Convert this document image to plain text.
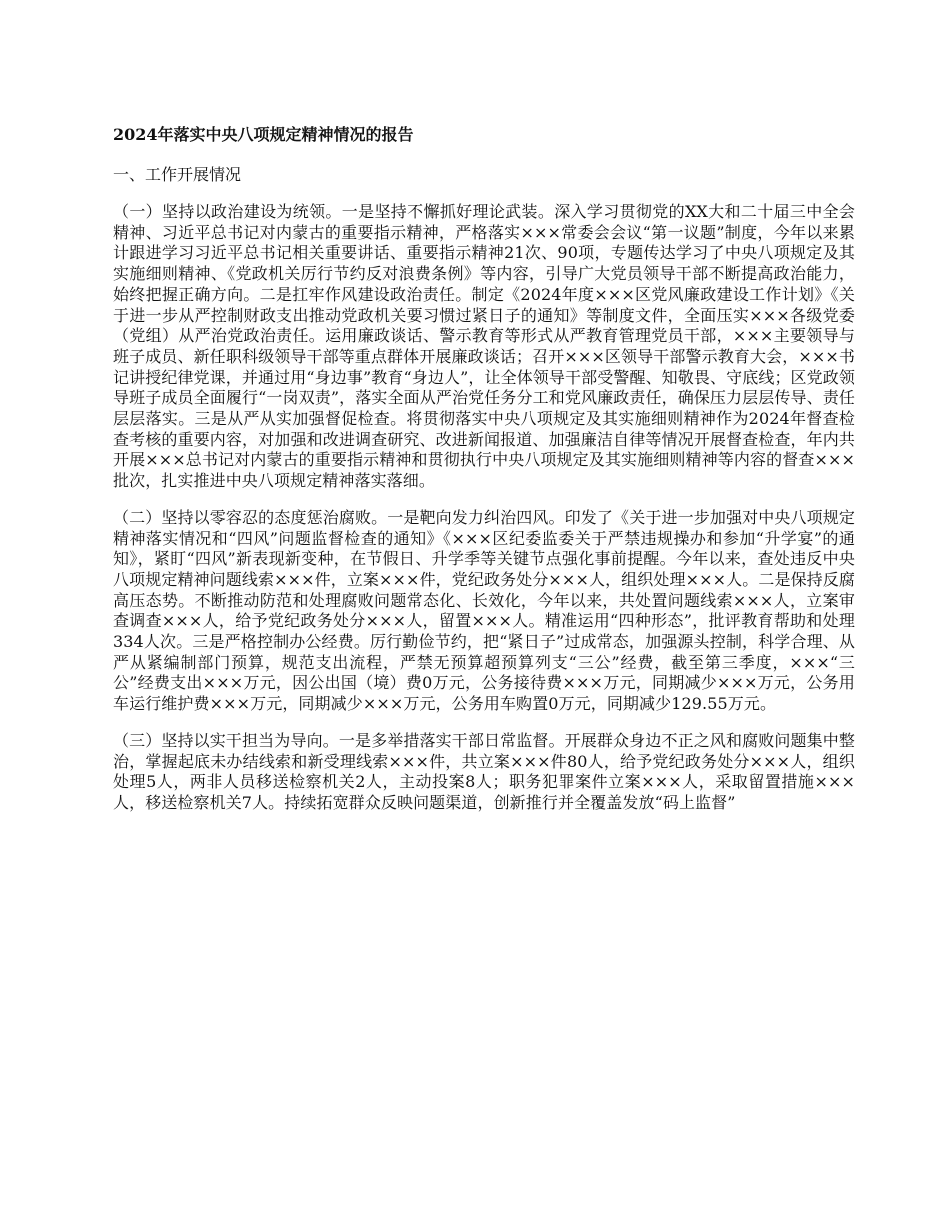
2024年落实中央八项规定精神情况的报告
一、工作开展情况

（一）坚持以政治建设为统领。一是坚持不懈抓好理论武装。深入学习贯彻党的XX大和二十届三中全会精神、习近平总书记对内蒙古的重要指示精神，严格落实×××常委会会议“第一议题”制度，今年以来累计跟进学习习近平总书记相关重要讲话、重要指示精神21次、90项，专题传达学习了中央八项规定及其实施细则精神、《党政机关厉行节约反对浪费条例》等内容，引导广大党员领导干部不断提高政治能力，始终把握正确方向。二是扛牢作风建设政治责任。制定《2024年度×××区党风廉政建设工作计划》《关于进一步从严控制财政支出推动党政机关要习惯过紧日子的通知》等制度文件，全面压实×××各级党委（党组）从严治党政治责任。运用廉政谈话、警示教育等形式从严教育管理党员干部，×××主要领导与班子成员、新任职科级领导干部等重点群体开展廉政谈话；召开×××区领导干部警示教育大会，×××书记讲授纪律党课，并通过用“身边事”教育“身边人”，让全体领导干部受警醒、知敬畏、守底线；区党政领导班子成员全面履行“一岗双责”，落实全面从严治党任务分工和党风廉政责任，确保压力层层传导、责任层层落实。三是从严从实加强督促检查。将贯彻落实中央八项规定及其实施细则精神作为2024年督查检查考核的重要内容，对加强和改进调查研究、改进新闻报道、加强廉洁自律等情况开展督查检查，年内共开展×××总书记对内蒙古的重要指示精神和贯彻执行中央八项规定及其实施细则精神等内容的督查×××批次，扎实推进中央八项规定精神落实落细。

（二）坚持以零容忍的态度惩治腐败。一是靶向发力纠治四风。印发了《关于进一步加强对中央八项规定精神落实情况和“四风”问题监督检查的通知》《×××区纪委监委关于严禁违规操办和参加“升学宴”的通知》，紧盯“四风”新表现新变种，在节假日、升学季等关键节点强化事前提醒。今年以来，查处违反中央八项规定精神问题线索×××件，立案×××件，党纪政务处分×××人，组织处理×××人。二是保持反腐高压态势。不断推动防范和处理腐败问题常态化、长效化，今年以来，共处置问题线索×××人，立案审查调查×××人，给予党纪政务处分×××人，留置×××人。精准运用“四种形态”，批评教育帮助和处理334人次。三是严格控制办公经费。厉行勤俭节约，把“紧日子”过成常态，加强源头控制，科学合理、从严从紧编制部门预算，规范支出流程，严禁无预算超预算列支“三公”经费，截至第三季度，×××“三公”经费支出×××万元，因公出国（境）费0万元，公务接待费×××万元，同期减少×××万元，公务用车运行维护费×××万元，同期减少×××万元，公务用车购置0万元，同期减少129.55万元。

（三）坚持以实干担当为导向。一是多举措落实干部日常监督。开展群众身边不正之风和腐败问题集中整治，掌握起底未办结线索和新受理线索×××件，共立案×××件80人，给予党纪政务处分×××人，组织处理5人，两非人员移送检察机关2人，主动投案8人；职务犯罪案件立案×××人，采取留置措施×××人，移送检察机关7人。持续拓宽群众反映问题渠道，创新推行并全覆盖发放“码上监督”
